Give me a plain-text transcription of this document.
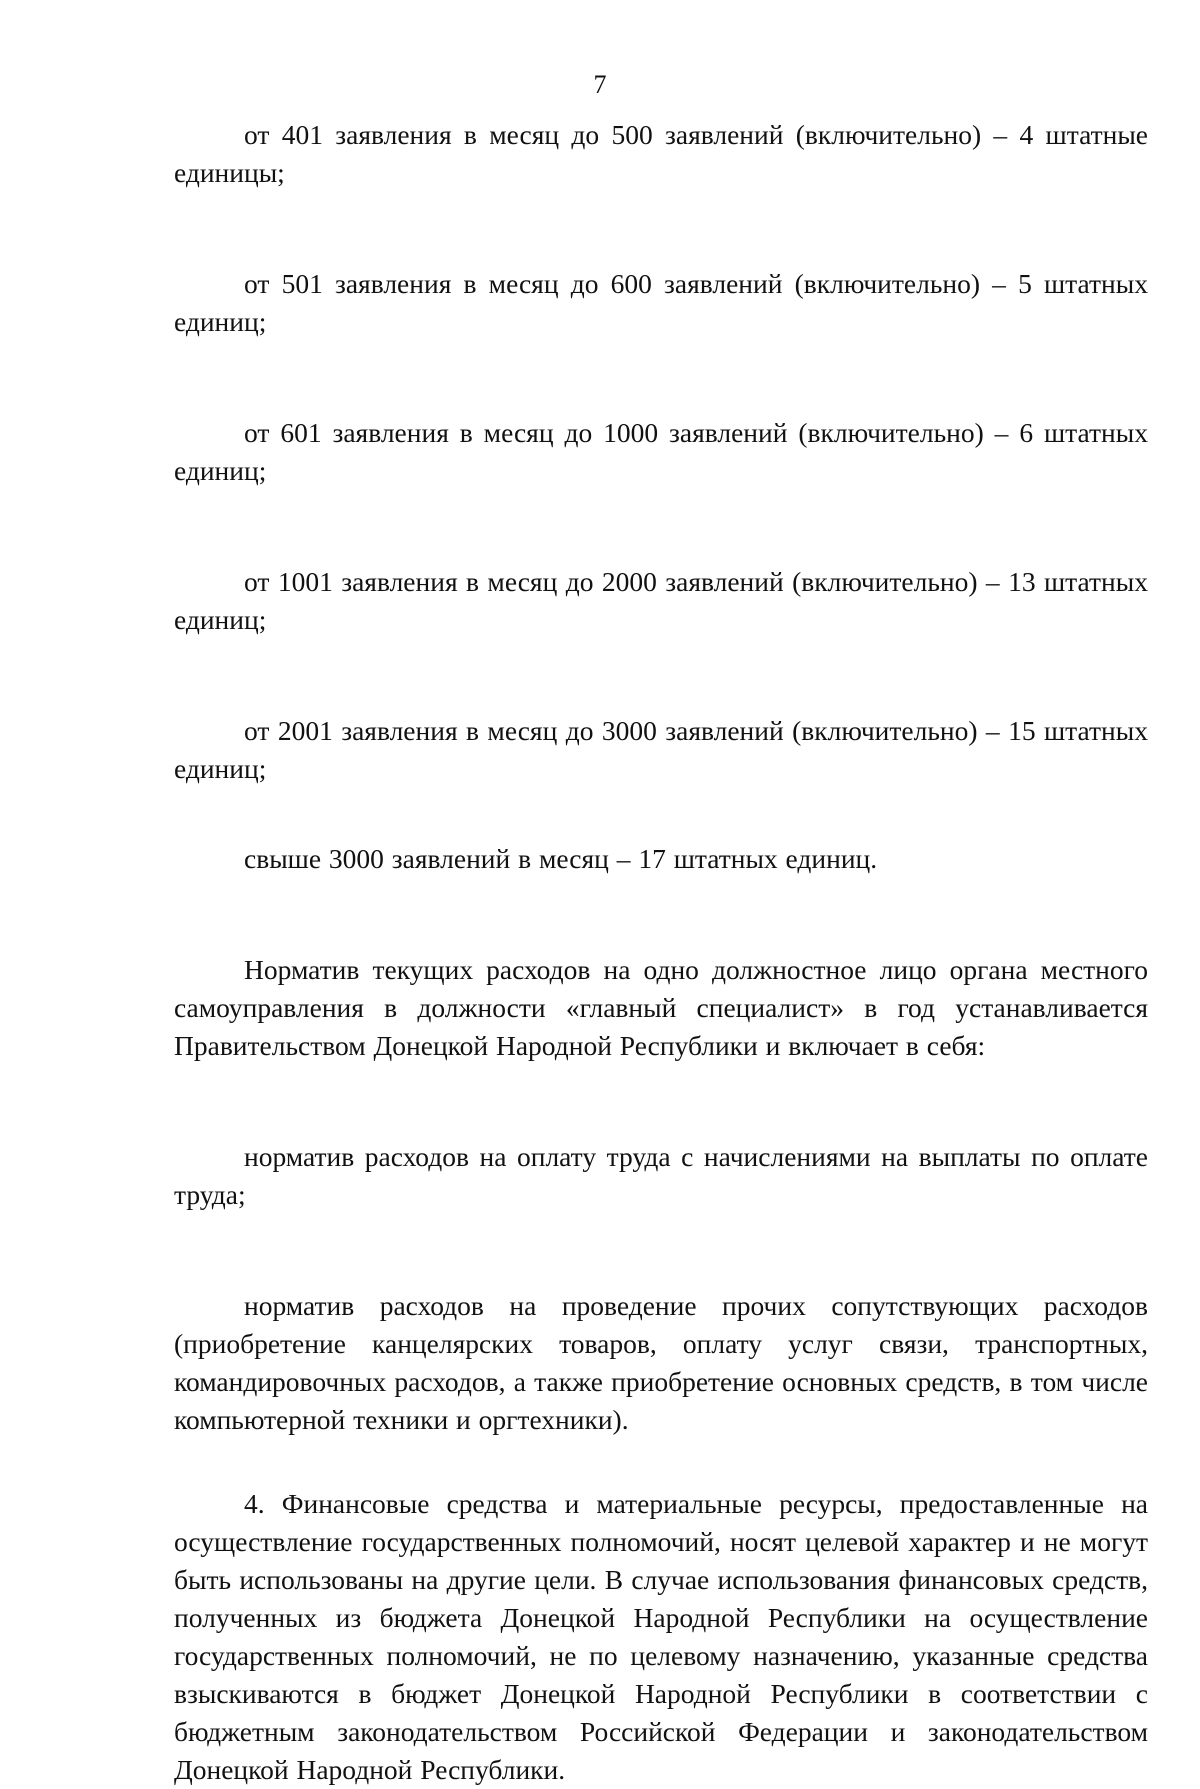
7

от 401 заявления в месяц до 500 заявлений (включительно) – 4 штатные единицы;

от 501 заявления в месяц до 600 заявлений (включительно) – 5 штатных единиц;

от 601 заявления в месяц до 1000 заявлений (включительно) – 6 штатных единиц;

от 1001 заявления в месяц до 2000 заявлений (включительно) – 13 штатных единиц;

от 2001 заявления в месяц до 3000 заявлений (включительно) – 15 штатных единиц;

свыше 3000 заявлений в месяц – 17 штатных единиц.

Норматив текущих расходов на одно должностное лицо органа местного самоуправления в должности «главный специалист» в год устанавливается Правительством Донецкой Народной Республики и включает в себя:

норматив расходов на оплату труда с начислениями на выплаты по оплате труда;

норматив расходов на проведение прочих сопутствующих расходов (приобретение канцелярских товаров, оплату услуг связи, транспортных, командировочных расходов, а также приобретение основных средств, в том числе компьютерной техники и оргтехники).

4. Финансовые средства и материальные ресурсы, предоставленные на осуществление государственных полномочий, носят целевой характер и не могут быть использованы на другие цели. В случае использования финансовых средств, полученных из бюджета Донецкой Народной Республики на осуществление государственных полномочий, не по целевому назначению, указанные средства взыскиваются в бюджет Донецкой Народной Республики в соответствии с бюджетным законодательством Российской Федерации и законодательством Донецкой Народной Республики.
